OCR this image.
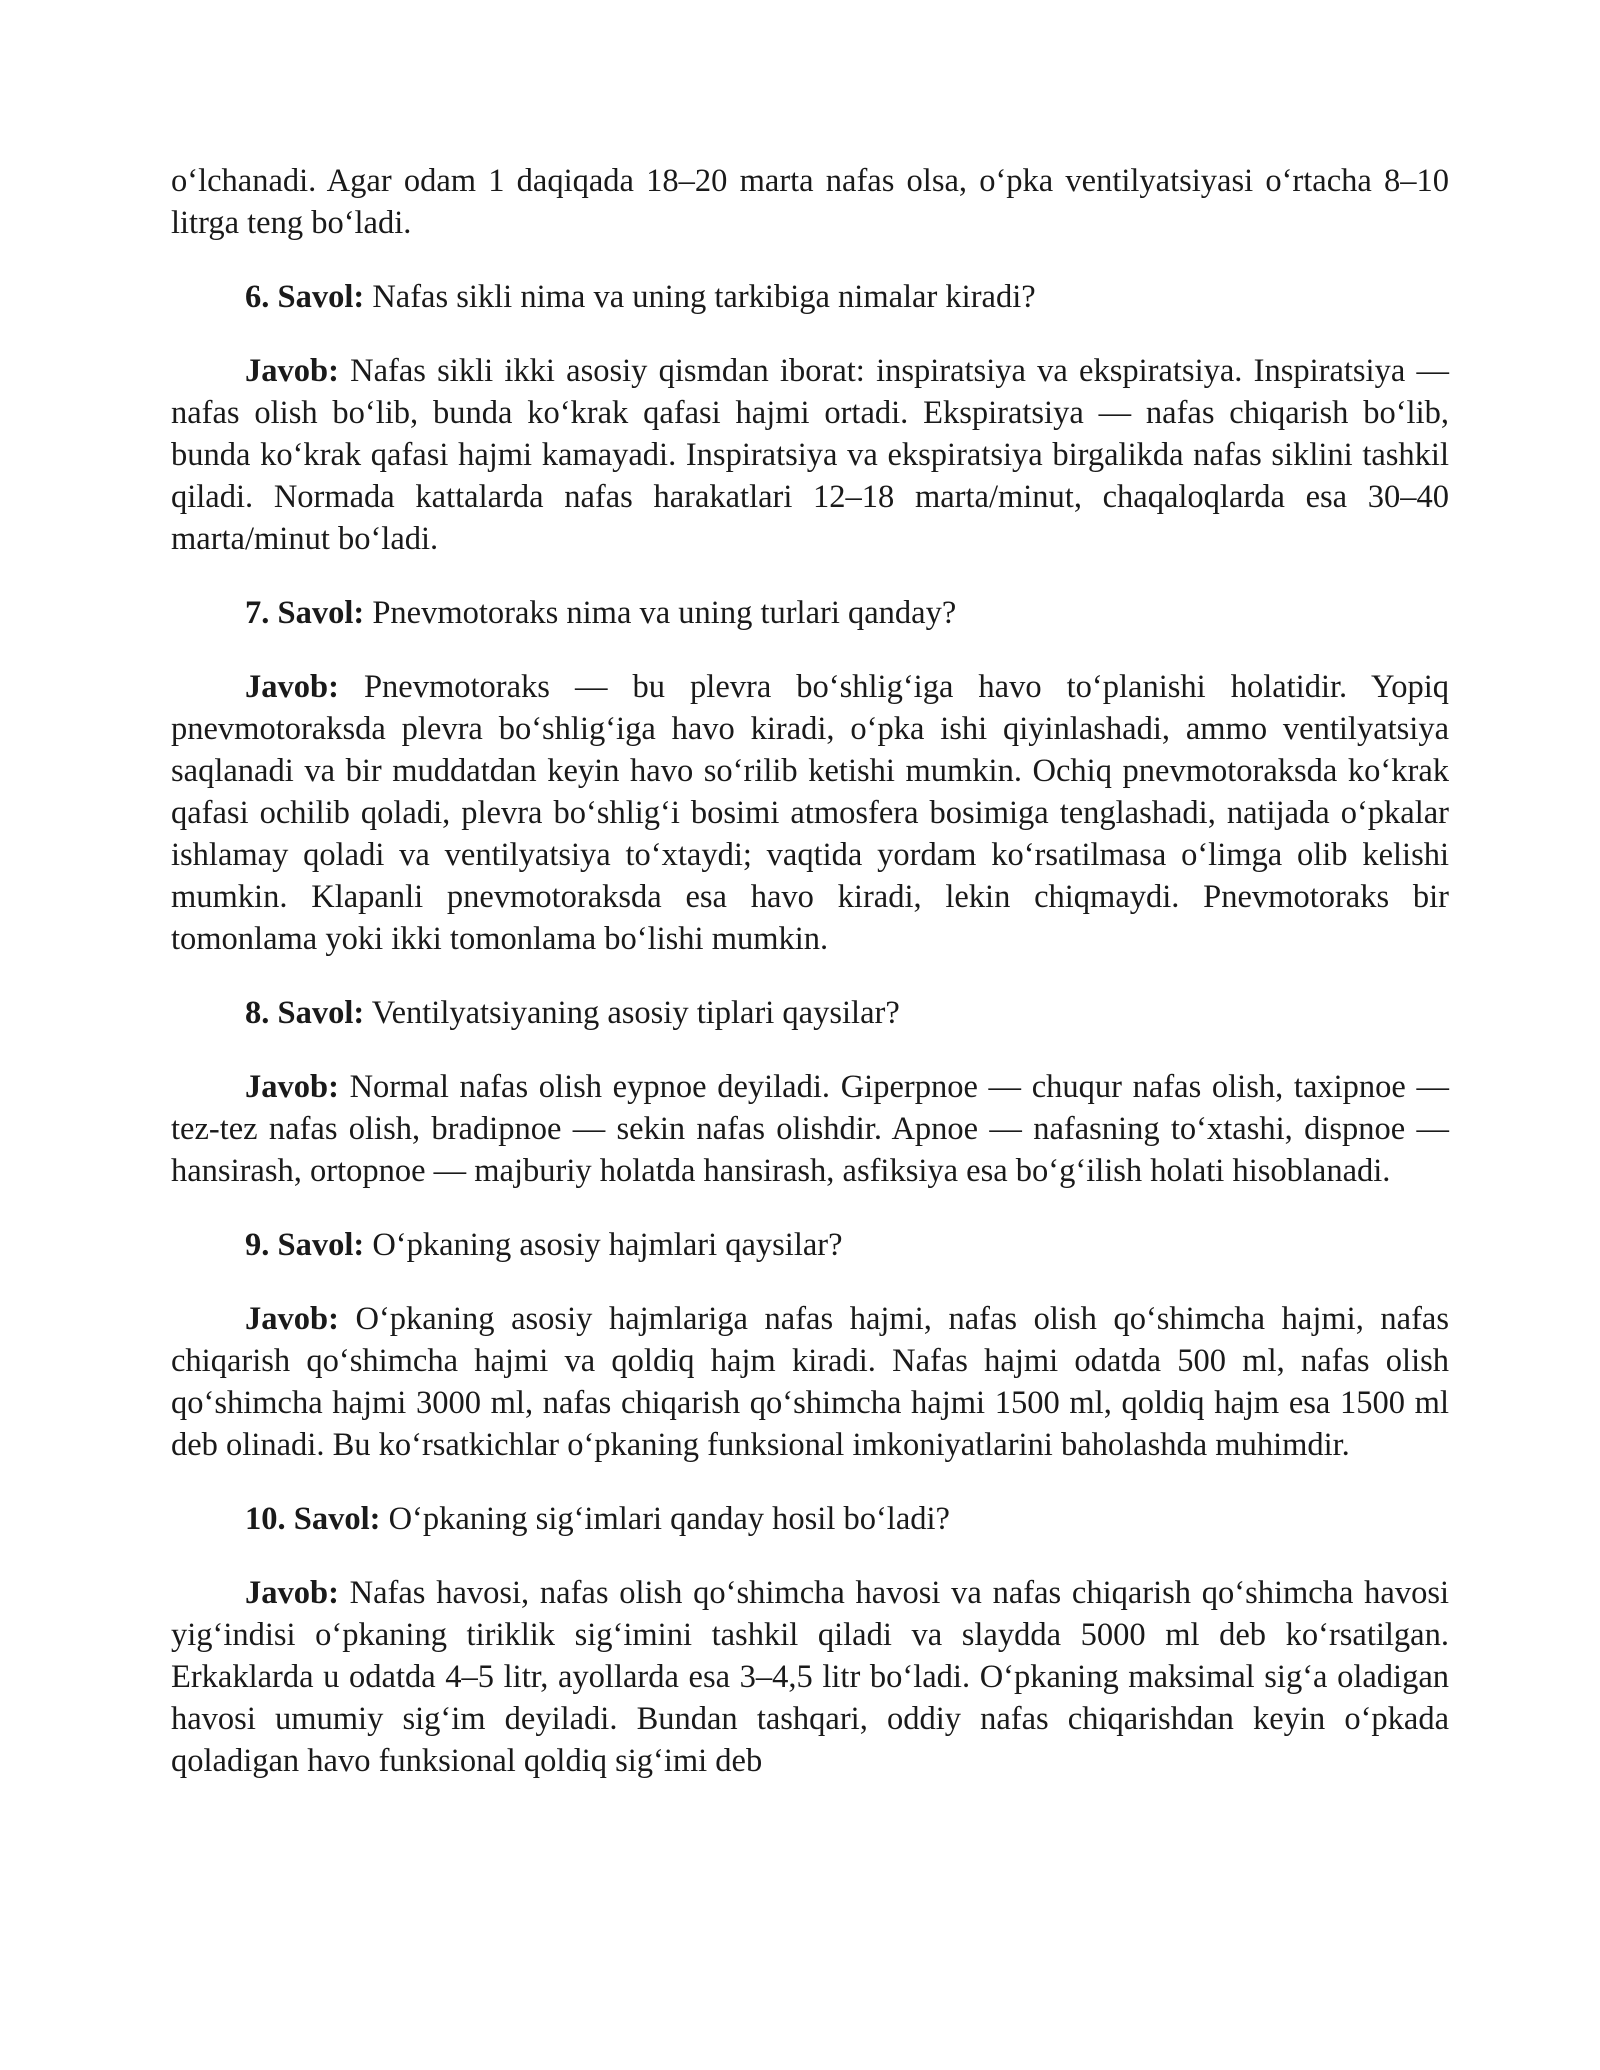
o‘lchanadi. Agar odam 1 daqiqada 18–20 marta nafas olsa, o‘pka ventilyatsiyasi o‘rtacha 8–10 litrga teng bo‘ladi.

6. Savol: Nafas sikli nima va uning tarkibiga nimalar kiradi?

Javob: Nafas sikli ikki asosiy qismdan iborat: inspiratsiya va ekspiratsiya. Inspiratsiya — nafas olish bo‘lib, bunda ko‘krak qafasi hajmi ortadi. Ekspiratsiya — nafas chiqarish bo‘lib, bunda ko‘krak qafasi hajmi kamayadi. Inspiratsiya va ekspiratsiya birgalikda nafas siklini tashkil qiladi. Normada kattalarda nafas harakatlari 12–18 marta/minut, chaqaloqlarda esa 30–40 marta/minut bo‘ladi.

7. Savol: Pnevmotoraks nima va uning turlari qanday?

Javob: Pnevmotoraks — bu plevra bo‘shlig‘iga havo to‘planishi holatidir. Yopiq pnevmotoraksda plevra bo‘shlig‘iga havo kiradi, o‘pka ishi qiyinlashadi, ammo ventilyatsiya saqlanadi va bir muddatdan keyin havo so‘rilib ketishi mumkin. Ochiq pnevmotoraksda ko‘krak qafasi ochilib qoladi, plevra bo‘shlig‘i bosimi atmosfera bosimiga tenglashadi, natijada o‘pkalar ishlamay qoladi va ventilyatsiya to‘xtaydi; vaqtida yordam ko‘rsatilmasa o‘limga olib kelishi mumkin. Klapanli pnevmotoraksda esa havo kiradi, lekin chiqmaydi. Pnevmotoraks bir tomonlama yoki ikki tomonlama bo‘lishi mumkin.

8. Savol: Ventilyatsiyaning asosiy tiplari qaysilar?

Javob: Normal nafas olish eypnoe deyiladi. Giperpnoe — chuqur nafas olish, taxipnoe — tez-tez nafas olish, bradipnoe — sekin nafas olishdir. Apnoe — nafasning to‘xtashi, dispnoe — hansirash, ortopnoe — majburiy holatda hansirash, asfiksiya esa bo‘g‘ilish holati hisoblanadi.

9. Savol: O‘pkaning asosiy hajmlari qaysilar?

Javob: O‘pkaning asosiy hajmlariga nafas hajmi, nafas olish qo‘shimcha hajmi, nafas chiqarish qo‘shimcha hajmi va qoldiq hajm kiradi. Nafas hajmi odatda 500 ml, nafas olish qo‘shimcha hajmi 3000 ml, nafas chiqarish qo‘shimcha hajmi 1500 ml, qoldiq hajm esa 1500 ml deb olinadi. Bu ko‘rsatkichlar o‘pkaning funksional imkoniyatlarini baholashda muhimdir.

10. Savol: O‘pkaning sig‘imlari qanday hosil bo‘ladi?

Javob: Nafas havosi, nafas olish qo‘shimcha havosi va nafas chiqarish qo‘shimcha havosi yig‘indisi o‘pkaning tiriklik sig‘imini tashkil qiladi va slaydda 5000 ml deb ko‘rsatilgan. Erkaklarda u odatda 4–5 litr, ayollarda esa 3–4,5 litr bo‘ladi. O‘pkaning maksimal sig‘a oladigan havosi umumiy sig‘im deyiladi. Bundan tashqari, oddiy nafas chiqarishdan keyin o‘pkada qoladigan havo funksional qoldiq sig‘imi deb
